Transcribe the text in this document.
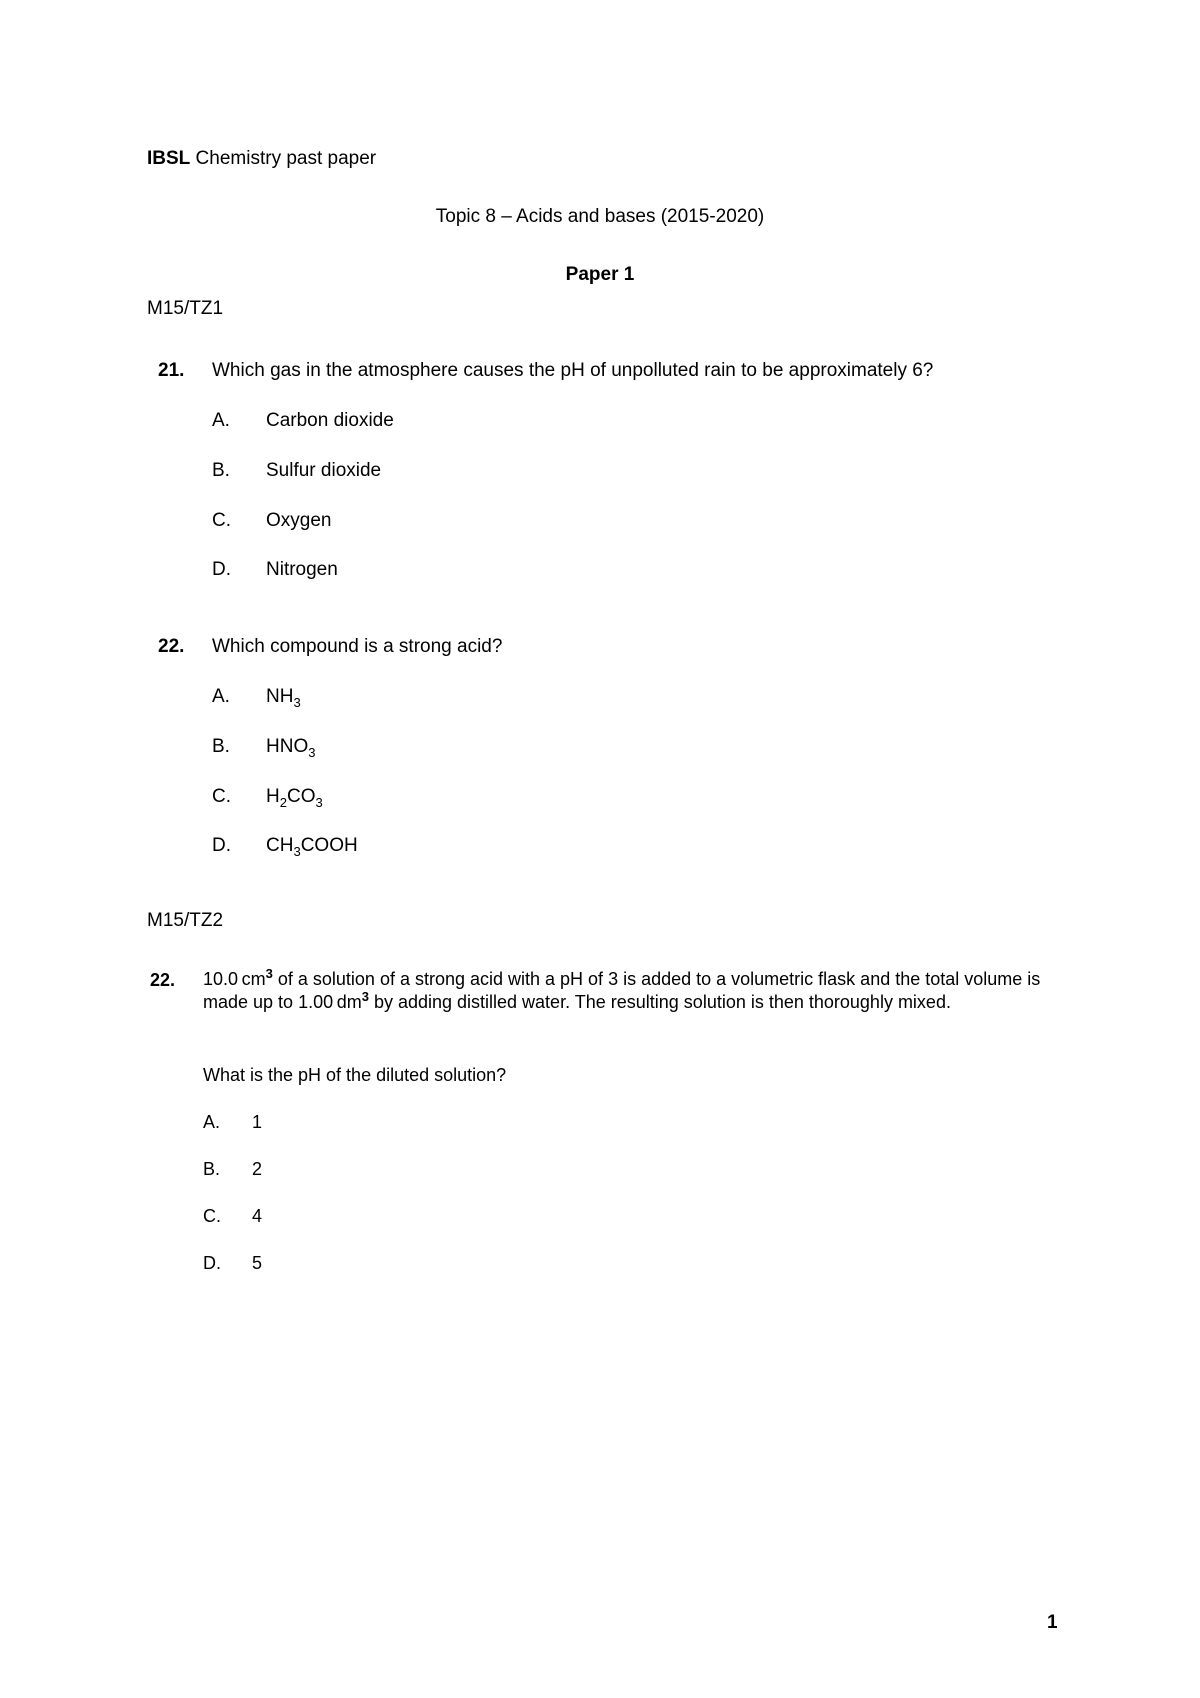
IBSL Chemistry past paper
Topic 8 – Acids and bases (2015-2020)
Paper 1
M15/TZ1
21. Which gas in the atmosphere causes the pH of unpolluted rain to be approximately 6?
A. Carbon dioxide
B. Sulfur dioxide
C. Oxygen
D. Nitrogen
22. Which compound is a strong acid?
A. $NH_3$
B. $HNO_3$
C. $H_2CO_3$
D. $CH_3COOH$
M15/TZ2
22. 10.0 $cm^3$ of a solution of a strong acid with a pH of 3 is added to a volumetric flask and the total volume is made up to 1.00 $dm^3$ by adding distilled water. The resulting solution is then thoroughly mixed.
What is the pH of the diluted solution?
A. 1
B. 2
C. 4
D. 5
1
